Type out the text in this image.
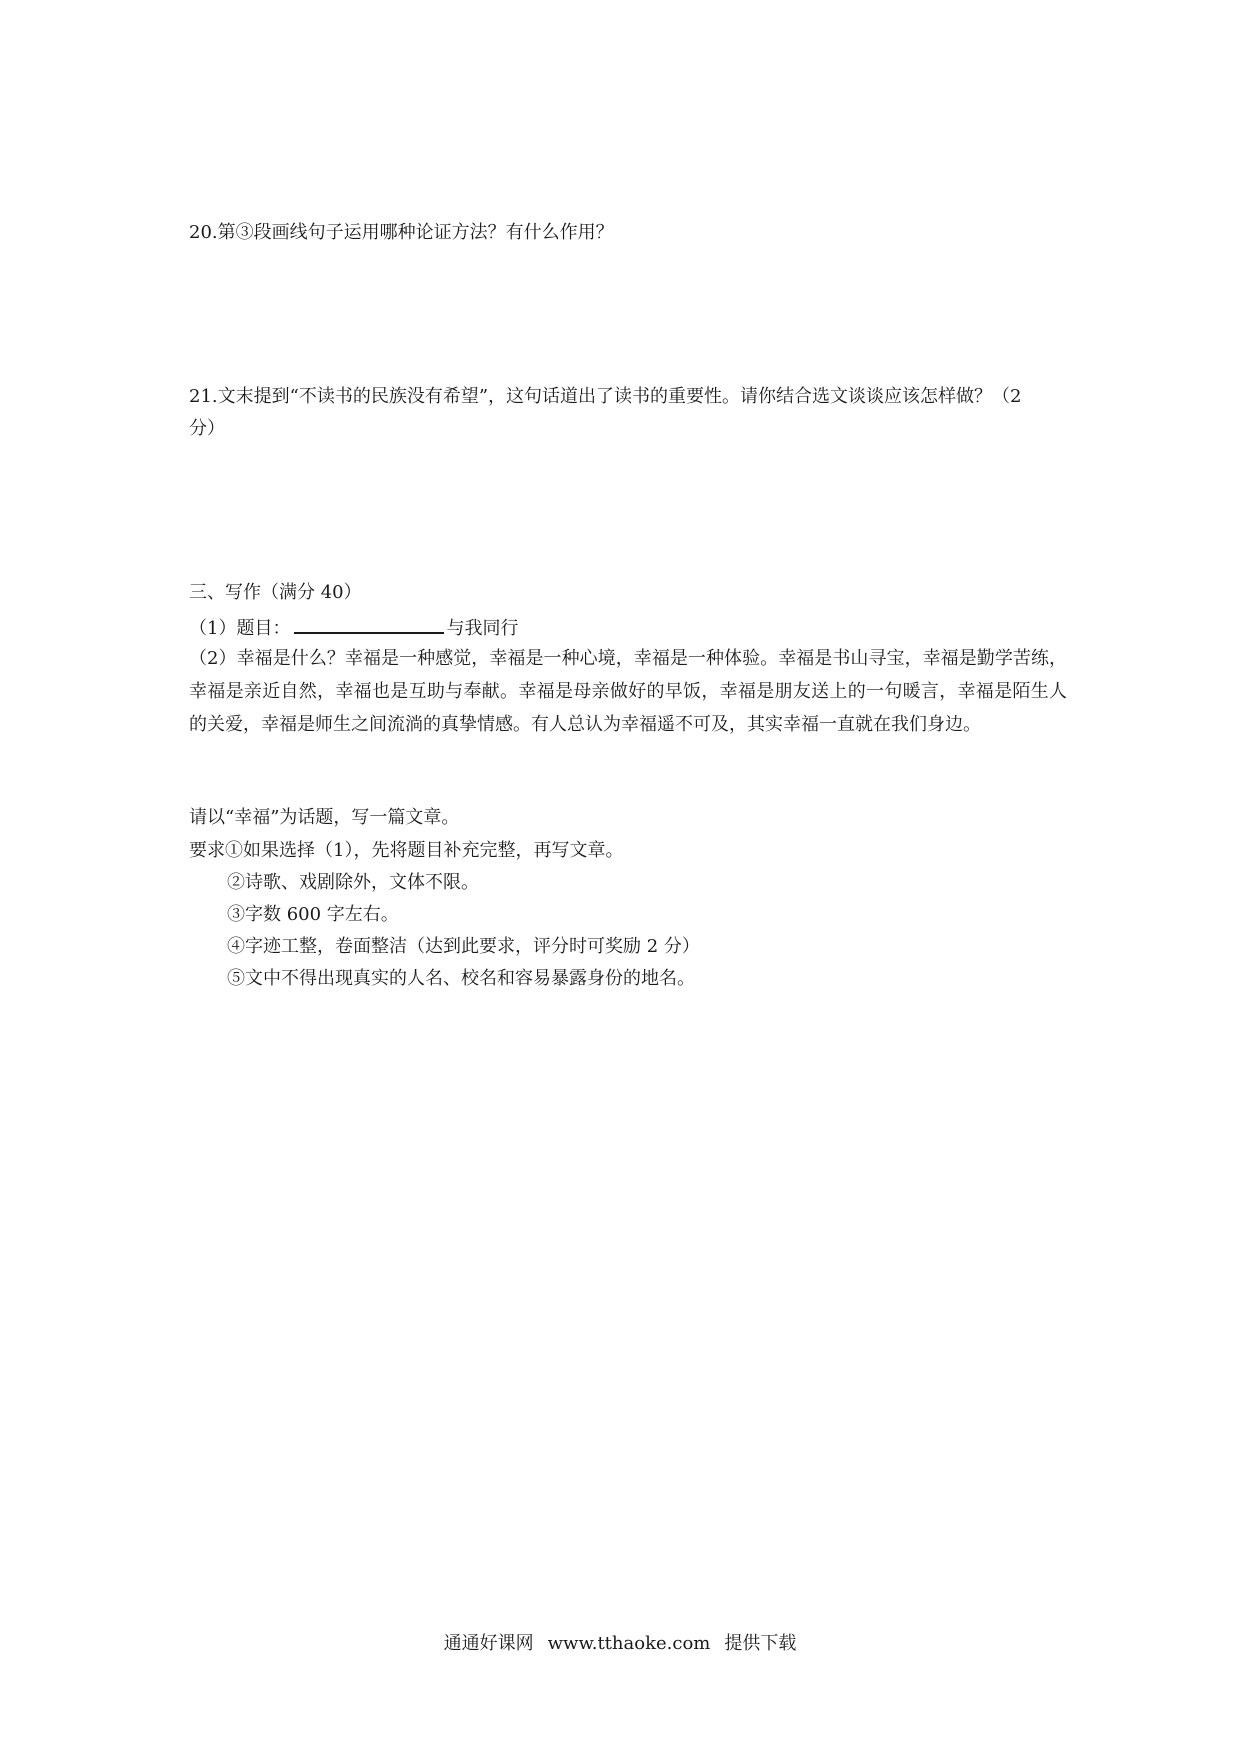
20.第③段画线句子运用哪种论证方法？有什么作用？
21.文末提到“不读书的民族没有希望”，这句话道出了读书的重要性。请你结合选文谈谈应该怎样做？（2
分）
三、写作（满分 40）
（1）题目：	与我同行
（2）幸福是什么？幸福是一种感觉，幸福是一种心境，幸福是一种体验。幸福是书山寻宝，幸福是勤学苦练，幸福是亲近自然，幸福也是互助与奉献。幸福是母亲做好的早饭，幸福是朋友送上的一句暖言，幸福是陌生人的关爱，幸福是师生之间流淌的真挚情感。有人总认为幸福遥不可及，其实幸福一直就在我们身边。
请以“幸福”为话题，写一篇文章。
要求①如果选择（1），先将题目补充完整，再写文章。
②诗歌、戏剧除外，文体不限。
③字数 600 字左右。
④字迹工整，卷面整洁（达到此要求，评分时可奖励 2 分）
⑤文中不得出现真实的人名、校名和容易暴露身份的地名。
通通好课网 www.tthaoke.com 提供下载
